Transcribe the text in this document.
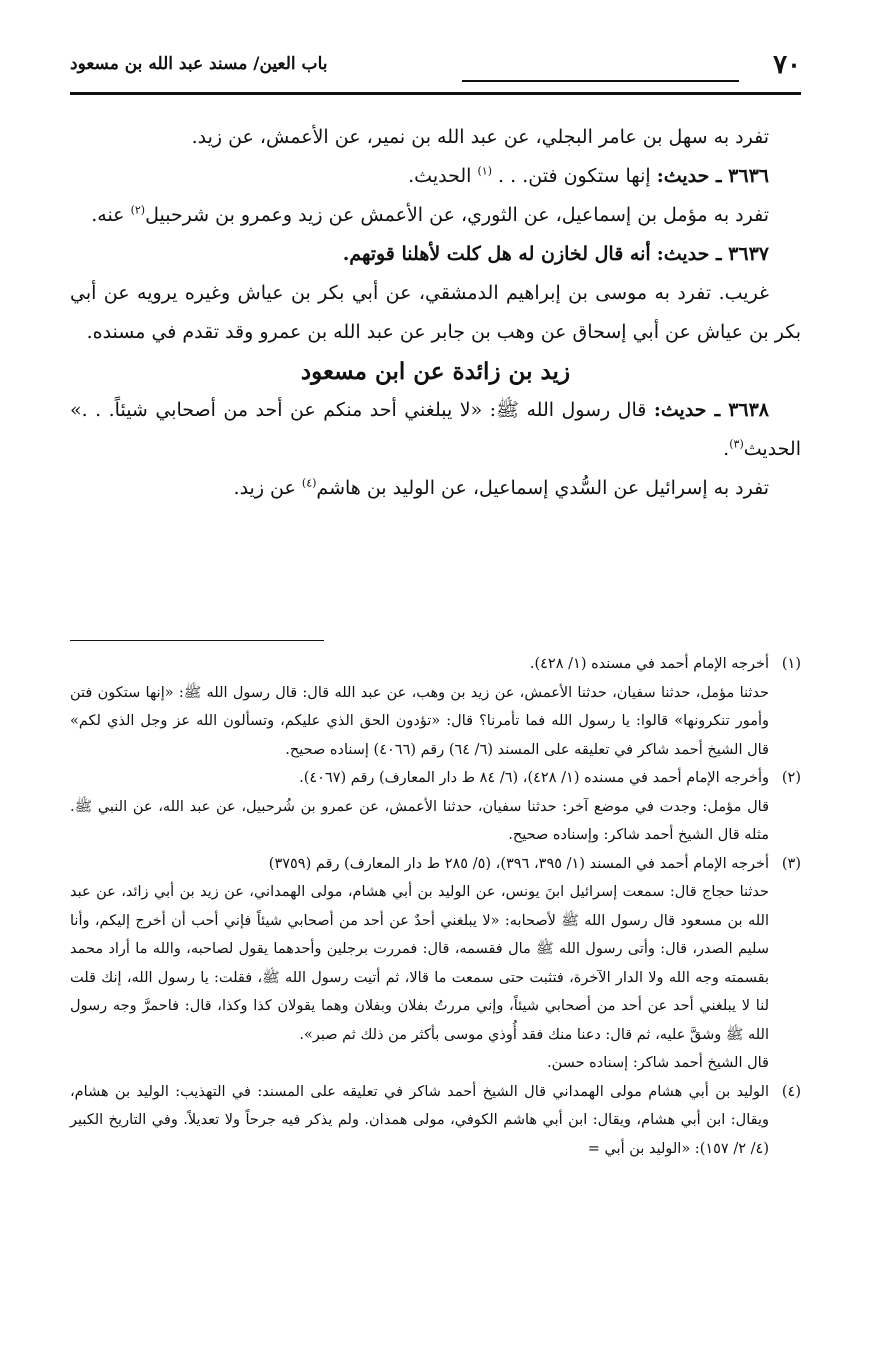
٧٠
باب العين/ مسند عبد الله بن مسعود

تفرد به سهل بن عامر البجلي، عن عبد الله بن نمير، عن الأعمش، عن زيد.

٣٦٣٦ ـ حديث: إنها ستكون فتن. . . $^{(١)}$ الحديث.

تفرد به مؤمل بن إسماعيل، عن الثوري، عن الأعمش عن زيد وعمرو بن شرحبيل$^{(٢)}$ عنه.

٣٦٣٧ ـ حديث: أنه قال لخازن له هل كلت لأهلنا قوتهم.

غريب. تفرد به موسى بن إبراهيم الدمشقي، عن أبي بكر بن عياش وغيره يرويه عن أبي بكر بن عياش عن أبي إسحاق عن وهب بن جابر عن عبد الله بن عمرو وقد تقدم في مسنده.

زيد بن زائدة عن ابن مسعود

٣٦٣٨ ـ حديث: قال رسول الله ﷺ: «لا يبلغني أحد منكم عن أحد من أصحابي شيئاً. . .» الحديث$^{(٣)}$.

تفرد به إسرائيل عن السُّدي إسماعيل، عن الوليد بن هاشم$^{(٤)}$ عن زيد.

(١)

أخرجه الإمام أحمد في مسنده (١/ ٤٢٨).

حدثنا مؤمل، حدثنا سفيان، حدثنا الأعمش، عن زيد بن وهب، عن عبد الله قال: قال رسول الله ﷺ: «إنها ستكون فتن وأمور تنكرونها» قالوا: يا رسول الله فما تأمرنا؟ قال: «تؤدون الحق الذي عليكم، وتسألون الله عز وجل الذي لكم» قال الشيخ أحمد شاكر في تعليقه على المسند (٦/ ٦٤) رقم (٤٠٦٦) إسناده صحيح.

(٢)

وأخرجه الإمام أحمد في مسنده (١/ ٤٢٨)، (٦/ ٨٤ ط دار المعارف) رقم (٤٠٦٧).

قال مؤمل: وجدت في موضع آخر: حدثنا سفيان، حدثنا الأعمش، عن عمرو بن شُرحبيل، عن عبد الله، عن النبي ﷺ. مثله قال الشيخ أحمد شاكر: وإسناده صحيح.

(٣)

أخرجه الإمام أحمد في المسند (١/ ٣٩٥، ٣٩٦)، (٥/ ٢٨٥ ط دار المعارف) رقم (٣٧٥٩)

حدثنا حجاج قال: سمعت إسرائيل ابنَ يونس، عن الوليد بن أبي هشام، مولى الهمداني، عن زيد بن أبي زائد، عن عبد الله بن مسعود قال رسول الله ﷺ لأصحابه: «لا يبلغني أحدٌ عن أحد من أصحابي شيئاً فإني أحب أن أخرج إليكم، وأنا سليم الصدر، قال: وأتى رسول الله ﷺ مال فقسمه، قال: فمررت برجلين وأحدهما يقول لصاحبه، والله ما أراد محمد بقسمته وجه الله ولا الدار الآخرة، فتثبت حتى سمعت ما قالا، ثم أتيت رسول الله ﷺ، فقلت: يا رسول الله، إنك قلت لنا لا يبلغني أحد عن أحد من أصحابي شيئاً، وإني مررتُ بفلان وبفلان وهما يقولان كذا وكذا، قال: فاحمرَّ وجه رسول الله ﷺ وشقَّ عليه، ثم قال: دعنا منك فقد أُوذي موسى بأكثر من ذلك ثم صبر».

قال الشيخ أحمد شاكر: إسناده حسن.

(٤)

الوليد بن أبي هشام مولى الهمداني قال الشيخ أحمد شاكر في تعليقه على المسند: في التهذيب: الوليد بن هشام، ويقال: ابن أبي هشام، ويقال: ابن أبي هاشم الكوفي، مولى همدان. ولم يذكر فيه جرحاً ولا تعديلاً. وفي التاريخ الكبير (٤/ ٢/ ١٥٧): «الوليد بن أبي =
